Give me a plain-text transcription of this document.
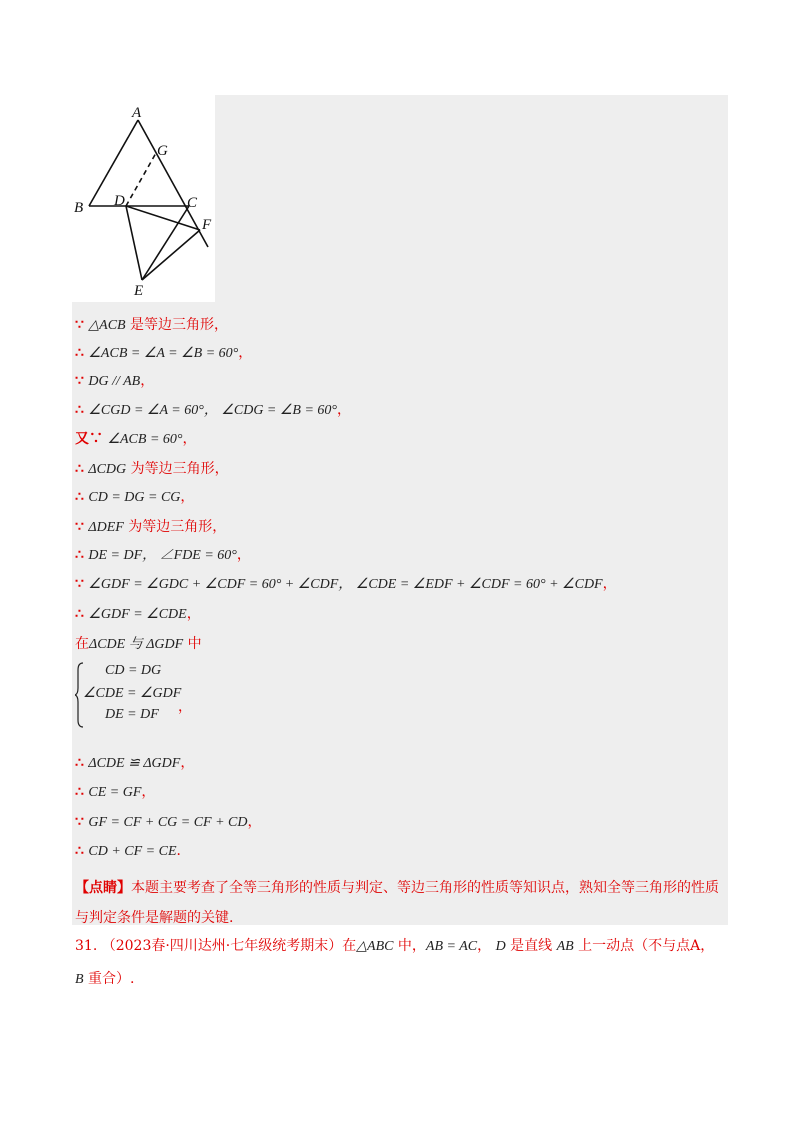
A
G
B D	C
F
E
∵ △ACB 是等边三角形，
∴ ∠ACB = ∠A = ∠B = 60°，
∵ DG // AB，
∴ ∠CGD = ∠A = 60°， ∠CDG = ∠B = 60°，
又∵ ∠ACB = 60°，
∴ ΔCDG 为等边三角形，
∴ CD = DG = CG，
∵ ΔDEF 为等边三角形，
∴ DE = DF， ∠FDE = 60°，
∵ ∠GDF = ∠GDC + ∠CDF = 60° + ∠CDF， ∠CDE = ∠EDF + ∠CDF = 60° + ∠CDF，
∴ ∠GDF = ∠CDE，
在ΔCDE 与 ΔGDF 中
CD = DG
∠CDE = ∠GDF
DE = DF ，
∴ ΔCDE ≌ ΔGDF，
∴ CE = GF，
∵ GF = CF + CG = CF + CD，
∴ CD + CF = CE．
【点睛】本题主要考查了全等三角形的性质与判定、等边三角形的性质等知识点，熟知全等三角形的性质与判定条件是解题的关键.
31. （2023春·四川达州·七年级统考期末）在△ABC 中，AB = AC， D 是直线 AB 上一动点（不与点A，
B 重合）.
